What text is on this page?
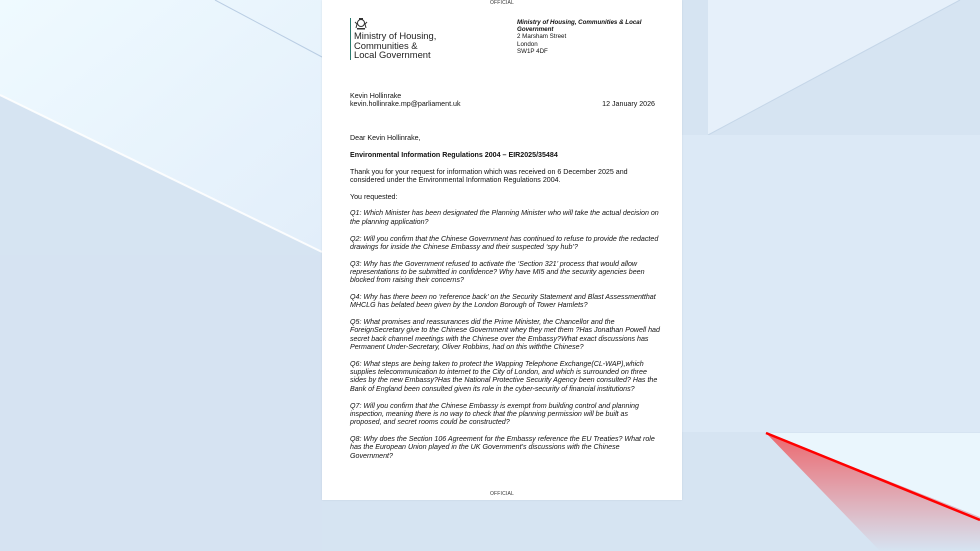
OFFICIAL
Ministry of Housing,
Communities &
Local Government
Ministry of Housing, Communities & Local Government
2 Marsham Street
London
SW1P 4DF
Kevin Hollinrake
kevin.hollinrake.mp@parliament.uk	12 January 2026

Dear Kevin Hollinrake,

Environmental Information Regulations 2004 – EIR2025/35484

Thank you for your request for information which was received on 6 December 2025 and considered under the Environmental Information Regulations 2004.

You requested:

Q1: Which Minister has been designated the Planning Minister who will take the actual decision on the planning application?

Q2: Will you confirm that the Chinese Government has continued to refuse to provide the redacted drawings for inside the Chinese Embassy and their suspected ‘spy hub’?

Q3: Why has the Government refused to activate the ‘Section 321’ process that would allow representations to be submitted in confidence? Why have MI5 and the security agencies been blocked from raising their concerns?

Q4: Why has there been no ‘reference back’ on the Security Statement and Blast Assessmentthat MHCLG has belated been given by the London Borough of Tower Hamlets?

Q5: What promises and reassurances did the Prime Minister, the Chancellor and the ForeignSecretary give to the Chinese Government whey they met them ?Has Jonathan Powell had secret back channel meetings with the Chinese over the Embassy?What exact discussions has Permanent Under-Secretary, Oliver Robbins, had on this withthe Chinese?

Q6: What steps are being taken to protect the Wapping Telephone Exchange(CL-WAP),which supplies telecommunication to internet to the City of London, and which is surrounded on three sides by the new Embassy?Has the National Protective Security Agency been consulted? Has the Bank of England been consulted given its role in the cyber-security of financial institutions?

Q7: Will you confirm that the Chinese Embassy is exempt from building control and planning inspection, meaning there is no way to check that the planning permission will be built as proposed, and secret rooms could be constructed?

Q8: Why does the Section 106 Agreement for the Embassy reference the EU Treaties? What role has the European Union played in the UK Government’s discussions with the Chinese Government?

OFFICIAL
